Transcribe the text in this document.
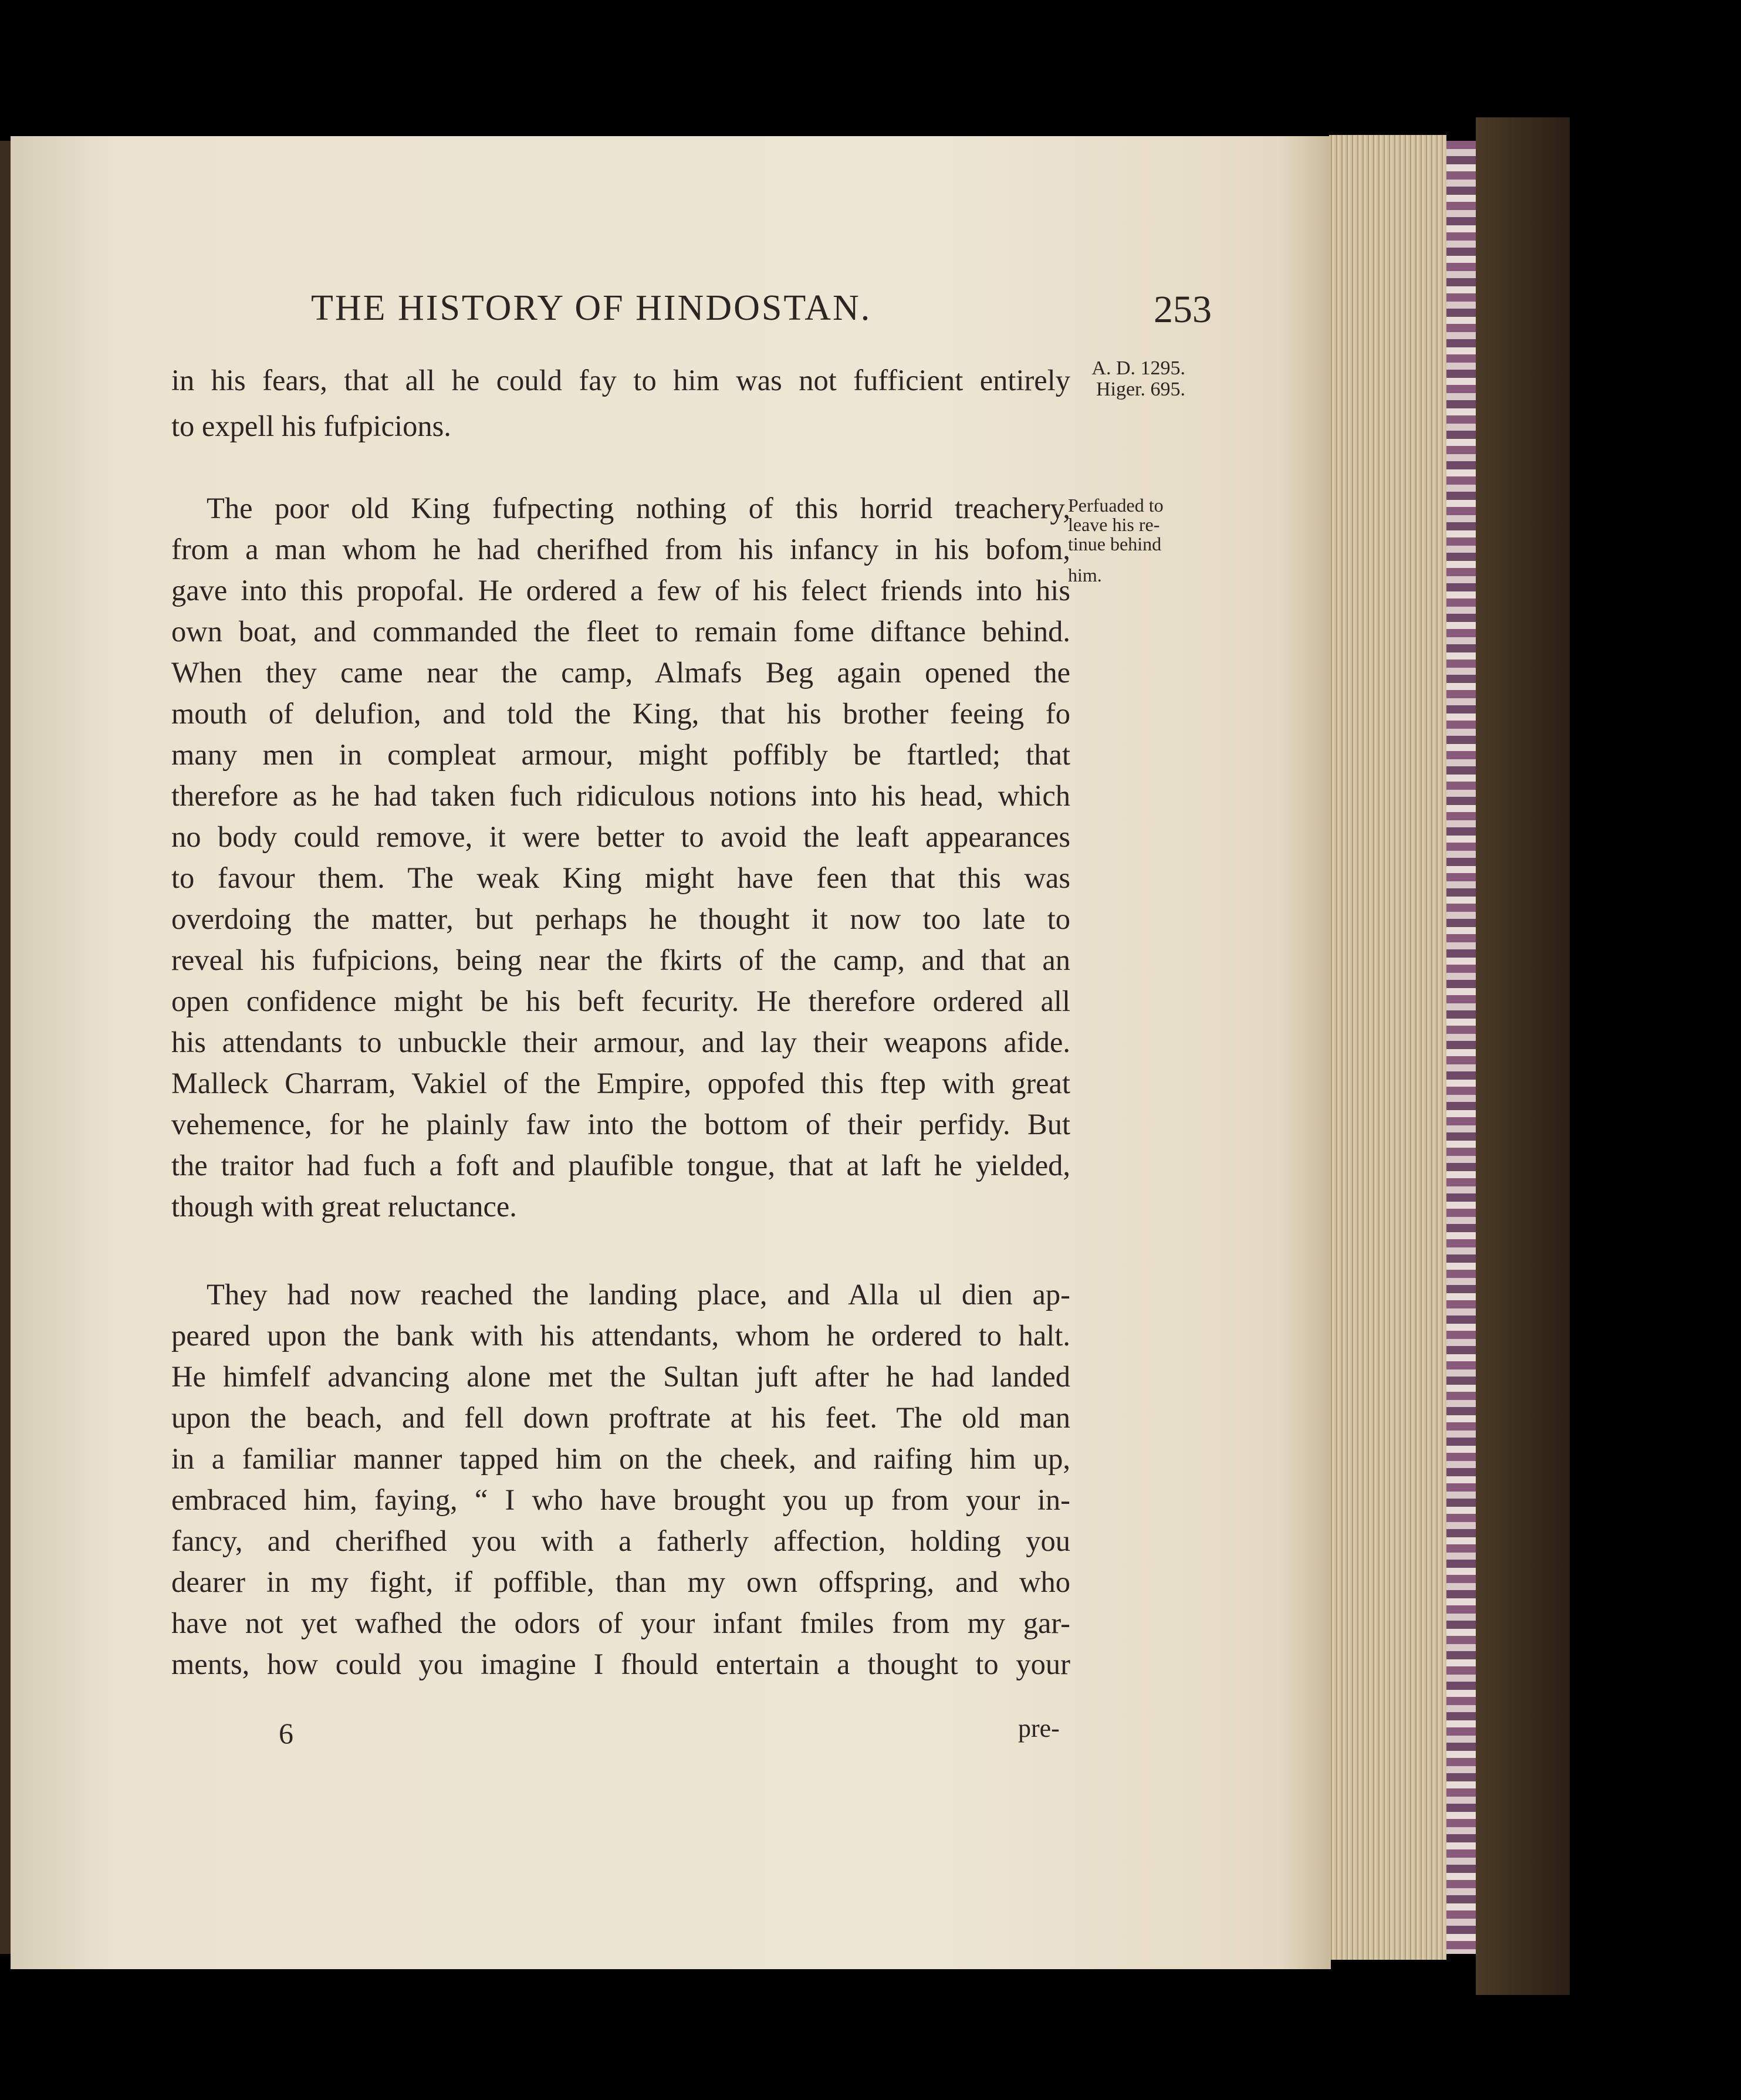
THE HISTORY OF HINDOSTAN.	253
A. D. 1295.
Higer. 695.
Perfuaded to
leave his re-
tinue behind
him.
in his fears, that all he could fay to him was not fufficient entirely
to expell his fufpicions.
The poor old King fufpecting nothing of this horrid treachery,
from a man whom he had cherifhed from his infancy in his bofom,
gave into this propofal. He ordered a few of his felect friends into his
own boat, and commanded the fleet to remain fome diftance behind.
When they came near the camp, Almafs Beg again opened the
mouth of delufion, and told the King, that his brother feeing fo
many men in compleat armour, might poffibly be ftartled; that
therefore as he had taken fuch ridiculous notions into his head, which
no body could remove, it were better to avoid the leaft appearances
to favour them. The weak King might have feen that this was
overdoing the matter, but perhaps he thought it now too late to
reveal his fufpicions, being near the fkirts of the camp, and that an
open confidence might be his beft fecurity. He therefore ordered all
his attendants to unbuckle their armour, and lay their weapons afide.
Malleck Charram, Vakiel of the Empire, oppofed this ftep with great
vehemence, for he plainly faw into the bottom of their perfidy. But
the traitor had fuch a foft and plaufible tongue, that at laft he yielded,
though with great reluctance.
They had now reached the landing place, and Alla ul dien ap-
peared upon the bank with his attendants, whom he ordered to halt.
He himfelf advancing alone met the Sultan juft after he had landed
upon the beach, and fell down proftrate at his feet. The old man
in a familiar manner tapped him on the cheek, and raifing him up,
embraced him, faying, “ I who have brought you up from your in-
fancy, and cherifhed you with a fatherly affection, holding you
dearer in my fight, if poffible, than my own offspring, and who
have not yet wafhed the odors of your infant fmiles from my gar-
ments, how could you imagine I fhould entertain a thought to your
6	pre-
